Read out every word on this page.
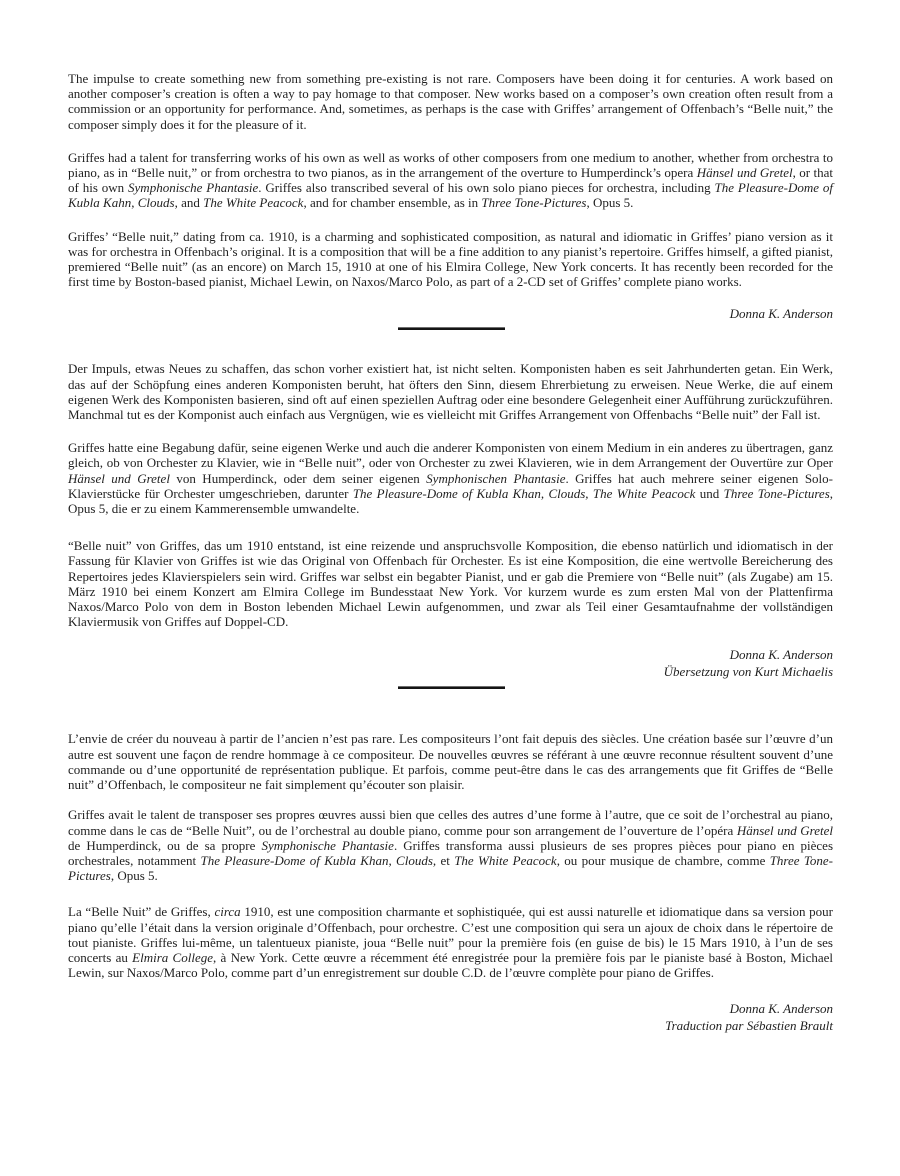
The impulse to create something new from something pre-existing is not rare. Composers have been doing it for centuries. A work based on another composer’s creation is often a way to pay homage to that composer. New works based on a composer’s own creation often result from a commission or an opportunity for performance. And, sometimes, as perhaps is the case with Griffes’ arrangement of Offenbach’s “Belle nuit,” the composer simply does it for the pleasure of it.

Griffes had a talent for transferring works of his own as well as works of other composers from one medium to another, whether from orchestra to piano, as in “Belle nuit,” or from orchestra to two pianos, as in the arrangement of the overture to Humperdinck’s opera Hänsel und Gretel, or that of his own Symphonische Phantasie. Griffes also transcribed several of his own solo piano pieces for orchestra, including The Pleasure-Dome of Kubla Kahn, Clouds, and The White Peacock, and for chamber ensemble, as in Three Tone-Pictures, Opus 5.

Griffes’ “Belle nuit,” dating from ca. 1910, is a charming and sophisticated composition, as natural and idiomatic in Griffes’ piano version as it was for orchestra in Offenbach’s original. It is a composition that will be a fine addition to any pianist’s repertoire. Griffes himself, a gifted pianist, premiered “Belle nuit” (as an encore) on March 15, 1910 at one of his Elmira College, New York concerts. It has recently been recorded for the first time by Boston-based pianist, Michael Lewin, on Naxos/Marco Polo, as part of a 2-CD set of Griffes’ complete piano works.

Donna K. Anderson

Der Impuls, etwas Neues zu schaffen, das schon vorher existiert hat, ist nicht selten. Komponisten haben es seit Jahrhunderten getan. Ein Werk, das auf der Schöpfung eines anderen Komponisten beruht, hat öfters den Sinn, diesem Ehrerbietung zu erweisen. Neue Werke, die auf einem eigenen Werk des Komponisten basieren, sind oft auf einen speziellen Auftrag oder eine besondere Gelegenheit einer Aufführung zurückzuführen. Manchmal tut es der Komponist auch einfach aus Vergnügen, wie es vielleicht mit Griffes Arrangement von Offenbachs “Belle nuit” der Fall ist.

Griffes hatte eine Begabung dafür, seine eigenen Werke und auch die anderer Komponisten von einem Medium in ein anderes zu übertragen, ganz gleich, ob von Orchester zu Klavier, wie in “Belle nuit”, oder von Orchester zu zwei Klavieren, wie in dem Arrangement der Ouvertüre zur Oper Hänsel und Gretel von Humperdinck, oder dem seiner eigenen Symphonischen Phantasie. Griffes hat auch mehrere seiner eigenen Solo-Klavierstücke für Orchester umgeschrieben, darunter The Pleasure-Dome of Kubla Khan, Clouds, The White Peacock und Three Tone-Pictures, Opus 5, die er zu einem Kammerensemble umwandelte.

“Belle nuit” von Griffes, das um 1910 entstand, ist eine reizende und anspruchsvolle Komposition, die ebenso natürlich und idiomatisch in der Fassung für Klavier von Griffes ist wie das Original von Offenbach für Orchester. Es ist eine Komposition, die eine wertvolle Bereicherung des Repertoires jedes Klavierspielers sein wird. Griffes war selbst ein begabter Pianist, und er gab die Premiere von “Belle nuit” (als Zugabe) am 15. März 1910 bei einem Konzert am Elmira College im Bundesstaat New York. Vor kurzem wurde es zum ersten Mal von der Plattenfirma Naxos/Marco Polo von dem in Boston lebenden Michael Lewin aufgenommen, und zwar als Teil einer Gesamtaufnahme der vollständigen Klaviermusik von Griffes auf Doppel-CD.

Donna K. Anderson
Übersetzung von Kurt Michaelis

L’envie de créer du nouveau à partir de l’ancien n’est pas rare. Les compositeurs l’ont fait depuis des siècles. Une création basée sur l’œuvre d’un autre est souvent une façon de rendre hommage à ce compositeur. De nouvelles œuvres se référant à une œuvre reconnue résultent souvent d’une commande ou d’une opportunité de représentation publique. Et parfois, comme peut-être dans le cas des arrangements que fit Griffes de “Belle nuit” d’Offenbach, le compositeur ne fait simplement qu’écouter son plaisir.

Griffes avait le talent de transposer ses propres œuvres aussi bien que celles des autres d’une forme à l’autre, que ce soit de l’orchestral au piano, comme dans le cas de “Belle Nuit”, ou de l’orchestral au double piano, comme pour son arrangement de l’ouverture de l’opéra Hänsel und Gretel de Humperdinck, ou de sa propre Symphonische Phantasie. Griffes transforma aussi plusieurs de ses propres pièces pour piano en pièces orchestrales, notamment The Pleasure-Dome of Kubla Khan, Clouds, et The White Peacock, ou pour musique de chambre, comme Three Tone-Pictures, Opus 5.

La “Belle Nuit” de Griffes, circa 1910, est une composition charmante et sophistiquée, qui est aussi naturelle et idiomatique dans sa version pour piano qu’elle l’était dans la version originale d’Offenbach, pour orchestre. C’est une composition qui sera un ajoux de choix dans le répertoire de tout pianiste. Griffes lui-même, un talentueux pianiste, joua “Belle nuit” pour la première fois (en guise de bis) le 15 Mars 1910, à l’un de ses concerts au Elmira College, à New York. Cette œuvre a récemment été enregistrée pour la première fois par le pianiste basé à Boston, Michael Lewin, sur Naxos/Marco Polo, comme part d’un enregistrement sur double C.D. de l’œuvre complète pour piano de Griffes.

Donna K. Anderson
Traduction par Sébastien Brault
